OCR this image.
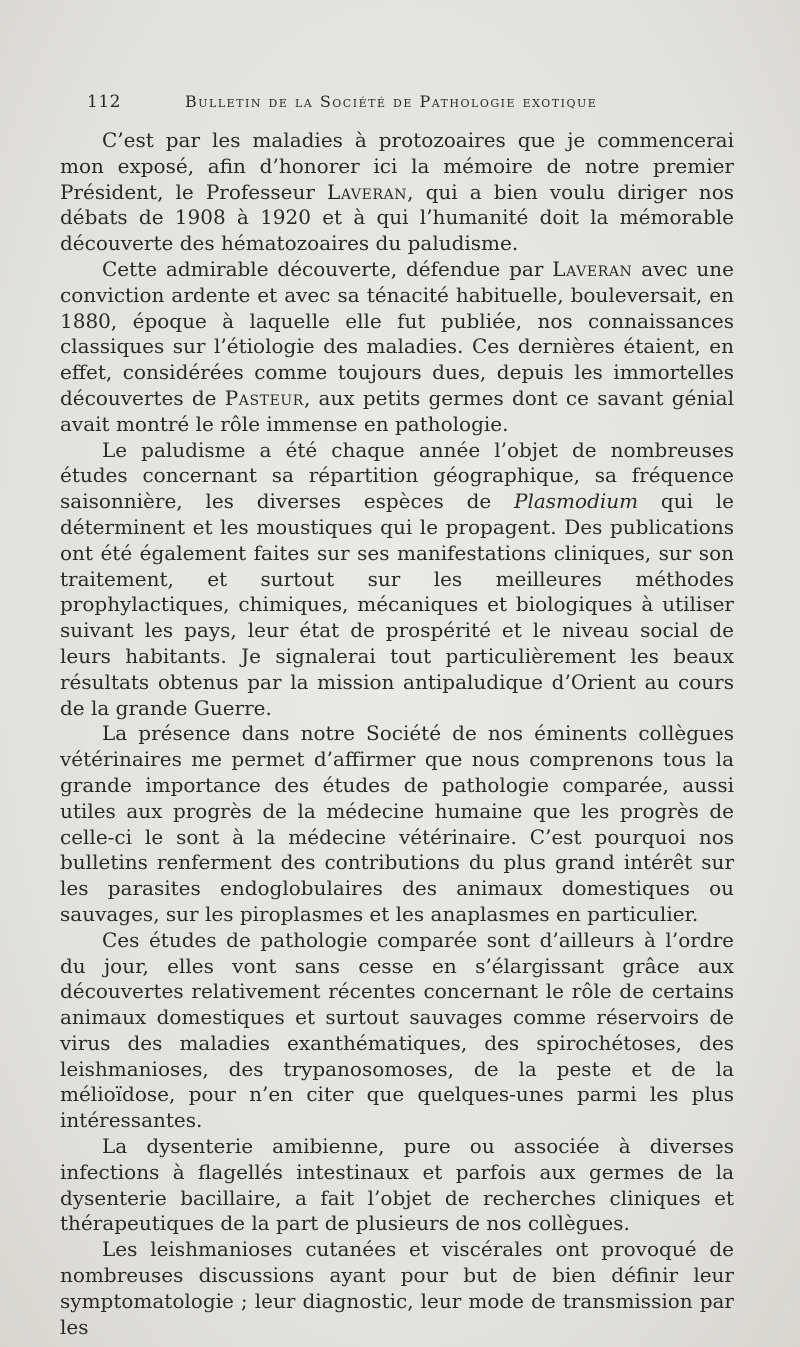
112	Bulletin de la Société de Pathologie exotique

C’est par les maladies à protozoaires que je commencerai mon exposé, afin d’honorer ici la mémoire de notre premier Président, le Professeur Laveran, qui a bien voulu diriger nos débats de 1908 à 1920 et à qui l’humanité doit la mémorable découverte des hématozoaires du paludisme.

Cette admirable découverte, défendue par Laveran avec une conviction ardente et avec sa ténacité habituelle, bouleversait, en 1880, époque à laquelle elle fut publiée, nos connaissances classiques sur l’étiologie des maladies. Ces dernières étaient, en effet, considérées comme toujours dues, depuis les immortelles découvertes de Pasteur, aux petits germes dont ce savant génial avait montré le rôle immense en pathologie.

Le paludisme a été chaque année l’objet de nombreuses études concernant sa répartition géographique, sa fréquence saisonnière, les diverses espèces de Plasmodium qui le déterminent et les moustiques qui le propagent. Des publications ont été également faites sur ses manifestations cliniques, sur son traitement, et surtout sur les meilleures méthodes prophylactiques, chimiques, mécaniques et biologiques à utiliser suivant les pays, leur état de prospérité et le niveau social de leurs habitants. Je signalerai tout particulièrement les beaux résultats obtenus par la mission antipaludique d’Orient au cours de la grande Guerre.

La présence dans notre Société de nos éminents collègues vétérinaires me permet d’affirmer que nous comprenons tous la grande importance des études de pathologie comparée, aussi utiles aux progrès de la médecine humaine que les progrès de celle-ci le sont à la médecine vétérinaire. C’est pourquoi nos bulletins renferment des contributions du plus grand intérêt sur les parasites endoglobulaires des animaux domestiques ou sauvages, sur les piroplasmes et les anaplasmes en particulier.

Ces études de pathologie comparée sont d’ailleurs à l’ordre du jour, elles vont sans cesse en s’élargissant grâce aux découvertes relativement récentes concernant le rôle de certains animaux domestiques et surtout sauvages comme réservoirs de virus des maladies exanthématiques, des spirochétoses, des leishmanioses, des trypanosomoses, de la peste et de la mélioïdose, pour n’en citer que quelques-unes parmi les plus intéressantes.

La dysenterie amibienne, pure ou associée à diverses infections à flagellés intestinaux et parfois aux germes de la dysenterie bacillaire, a fait l’objet de recherches cliniques et thérapeutiques de la part de plusieurs de nos collègues.

Les leishmanioses cutanées et viscérales ont provoqué de nombreuses discussions ayant pour but de bien définir leur symptomatologie ; leur diagnostic, leur mode de transmission par les
